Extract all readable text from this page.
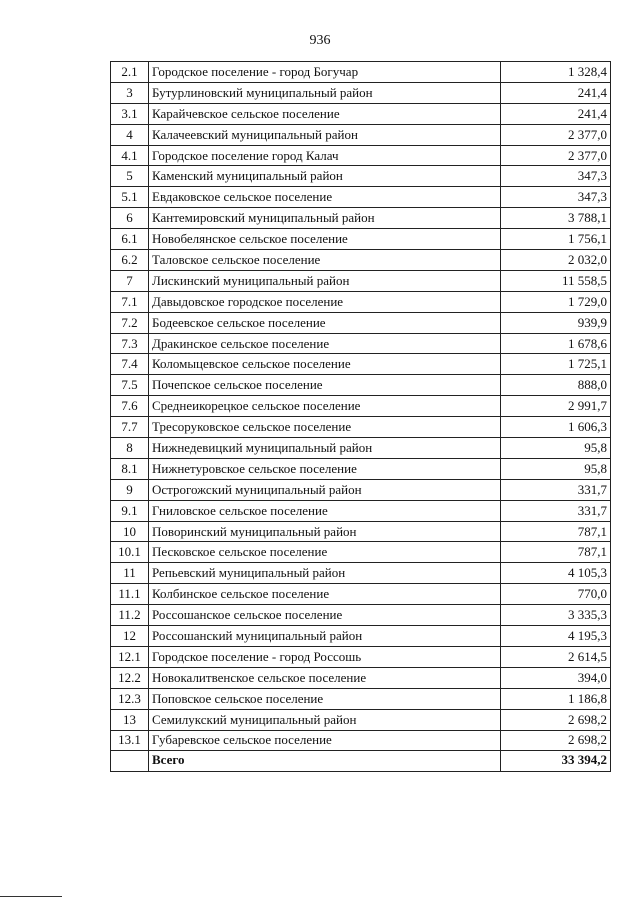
936
2.1	Городское поселение - город Богучар	1 328,4
3	Бутурлиновский муниципальный район	241,4
3.1	Карайчевское сельское поселение	241,4
4	Калачеевский муниципальный район	2 377,0
4.1	Городское поселение город Калач	2 377,0
5	Каменский муниципальный район	347,3
5.1	Евдаковское сельское поселение	347,3
6	Кантемировский муниципальный район	3 788,1
6.1	Новобелянское сельское поселение	1 756,1
6.2	Таловское сельское поселение	2 032,0
7	Лискинский муниципальный район	11 558,5
7.1	Давыдовское городское поселение	1 729,0
7.2	Бодеевское сельское поселение	939,9
7.3	Дракинское сельское поселение	1 678,6
7.4	Коломыцевское сельское поселение	1 725,1
7.5	Почепское сельское поселение	888,0
7.6	Среднеикорецкое сельское поселение	2 991,7
7.7	Тресоруковское сельское поселение	1 606,3
8	Нижнедевицкий муниципальный район	95,8
8.1	Нижнетуровское сельское поселение	95,8
9	Острогожский муниципальный район	331,7
9.1	Гниловское сельское поселение	331,7
10	Поворинский муниципальный район	787,1
10.1	Песковское сельское поселение	787,1
11	Репьевский муниципальный район	4 105,3
11.1	Колбинское сельское поселение	770,0
11.2	Россошанское сельское поселение	3 335,3
12	Россошанский муниципальный район	4 195,3
12.1	Городское поселение - город Россошь	2 614,5
12.2	Новокалитвенское сельское поселение	394,0
12.3	Поповское сельское поселение	1 186,8
13	Семилукский муниципальный район	2 698,2
13.1	Губаревское сельское поселение	2 698,2
	Всего	33 394,2
